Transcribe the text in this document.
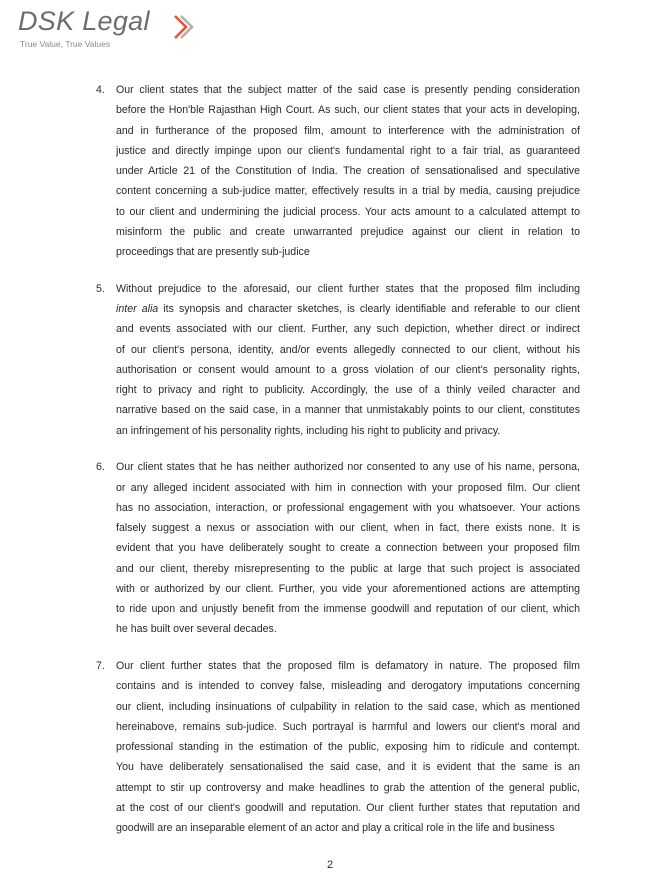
DSK Legal
True Value, True Values
4.	Our client states that the subject matter of the said case is presently pending consideration
before the Hon'ble Rajasthan High Court. As such, our client states that your acts in developing,
and in furtherance of the proposed film, amount to interference with the administration of
justice and directly impinge upon our client's fundamental right to a fair trial, as guaranteed
under Article 21 of the Constitution of India. The creation of sensationalised and speculative
content concerning a sub-judice matter, effectively results in a trial by media, causing prejudice
to our client and undermining the judicial process. Your acts amount to a calculated attempt to
misinform the public and create unwarranted prejudice against our client in relation to
proceedings that are presently sub-judice
5.	Without prejudice to the aforesaid, our client further states that the proposed film including
inter alia its synopsis and character sketches, is clearly identifiable and referable to our client
and events associated with our client. Further, any such depiction, whether direct or indirect
of our client's persona, identity, and/or events allegedly connected to our client, without his
authorisation or consent would amount to a gross violation of our client's personality rights,
right to privacy and right to publicity. Accordingly, the use of a thinly veiled character and
narrative based on the said case, in a manner that unmistakably points to our client, constitutes
an infringement of his personality rights, including his right to publicity and privacy.
6.	Our client states that he has neither authorized nor consented to any use of his name, persona,
or any alleged incident associated with him in connection with your proposed film. Our client
has no association, interaction, or professional engagement with you whatsoever. Your actions
falsely suggest a nexus or association with our client, when in fact, there exists none. It is
evident that you have deliberately sought to create a connection between your proposed film
and our client, thereby misrepresenting to the public at large that such project is associated
with or authorized by our client. Further, you vide your aforementioned actions are attempting
to ride upon and unjustly benefit from the immense goodwill and reputation of our client, which
he has built over several decades.
7.	Our client further states that the proposed film is defamatory in nature. The proposed film
contains and is intended to convey false, misleading and derogatory imputations concerning
our client, including insinuations of culpability in relation to the said case, which as mentioned
hereinabove, remains sub-judice. Such portrayal is harmful and lowers our client's moral and
professional standing in the estimation of the public, exposing him to ridicule and contempt.
You have deliberately sensationalised the said case, and it is evident that the same is an
attempt to stir up controversy and make headlines to grab the attention of the general public,
at the cost of our client's goodwill and reputation. Our client further states that reputation and
goodwill are an inseparable element of an actor and play a critical role in the life and business
2
